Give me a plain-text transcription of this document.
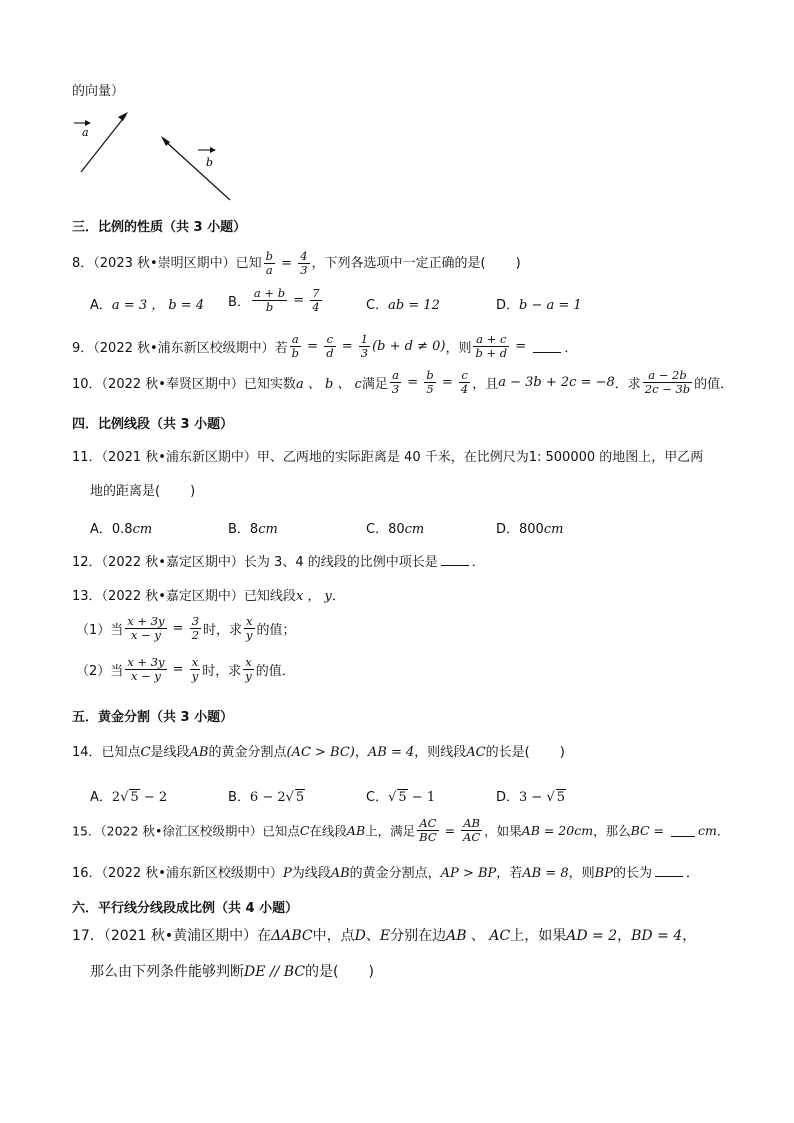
的向量）
a
b
三．比例的性质（共 3 小题）
8．（2023 秋•崇明区期中）已知 $\frac{b}{a} = \frac{4}{3}$ ，下列各选项中一定正确的是( )
A．a = 3 ， b = 4 B． $\frac{a + b}{b} = \frac{7}{4}$	C．ab = 12	D．b − a = 1
9．（2022 秋•浦东新区校级期中）若 $\frac{a}{b} = \frac{c}{d} = \frac{1}{3} (b + d \ne 0)$，则 $\frac{a + c}{b + d}$ =	．
10．（2022 秋•奉贤区期中）已知实数a 、 b 、 c满足 $\frac{a}{3} = \frac{b}{5} = \frac{c}{4}$ ，且a − 3b + 2c = −8．求 $\frac{a - 2b}{2c - 3b}$ 的值．
四．比例线段（共 3 小题）
11．（2021 秋•浦东新区期中）甲、乙两地的实际距离是 40 千米，在比例尺为1: 500000 的地图上，甲乙两
地的距离是( )
A．0.8cm	B．8cm	C．80cm	D．800cm
12．（2022 秋•嘉定区期中）长为 3、4 的线段的比例中项长是	．
13．（2022 秋•嘉定区期中）已知线段x ， y．
（1）当 $\frac{x + 3y}{x - y} = \frac{3}{2}$ 时，求 $\frac{x}{y}$ 的值；
（2）当 $\frac{x + 3y}{x - y} = \frac{x}{y}$ 时，求 $\frac{x}{y}$ 的值．
五．黄金分割（共 3 小题）
14．已知点C是线段AB的黄金分割点(AC > BC)，AB = 4，则线段AC的长是( )
A．2√ 5 − 2	B．6 − 2√ 5	C．√ 5 − 1	D．3 − √ 5
15．（2022 秋•徐汇区校级期中）已知点C在线段AB上，满足 $\frac{AC}{BC} = \frac{AB}{AC}$ ，如果AB = 20cm，那么BC = cm．
16．（2022 秋•浦东新区校级期中）P为线段AB的黄金分割点，AP > BP，若AB = 8，则BP的长为	．
六．平行线分线段成比例（共 4 小题）
17．（2021 秋•黄浦区期中）在ΔABC中，点D、E分别在边AB 、 AC上，如果AD = 2，BD = 4，
那么由下列条件能够判断DE // BC的是( )
